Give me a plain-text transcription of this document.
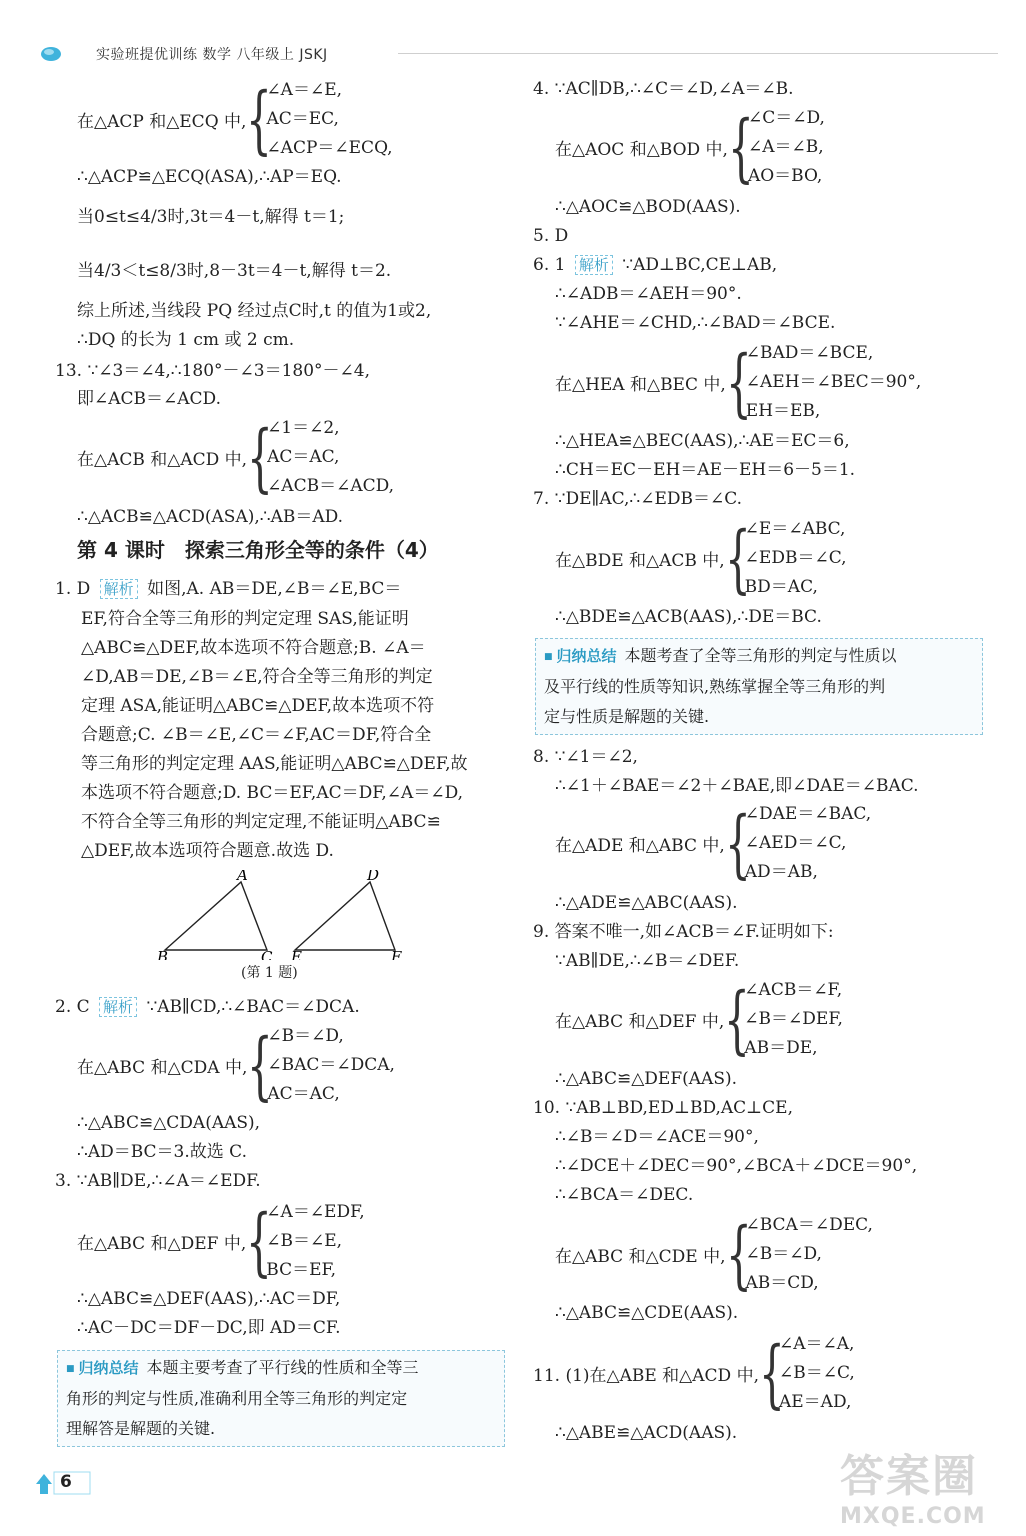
实验班提优训练 数学 八年级上 JSKJ
在△ACP 和△ECQ 中, {
∠A＝∠E,
AC＝EC,
∠ACP＝∠ECQ,
∴△ACP≌△ECQ(ASA),∴AP＝EQ.
当0≤t≤4/3时,3t＝4－t,解得 t＝1;
当4/3＜t≤8/3时,8－3t＝4－t,解得 t＝2.
综上所述,当线段 PQ 经过点C时,t 的值为1或2,
∴DQ 的长为 1 cm 或 2 cm.
13. ∵∠3＝∠4,∴180°－∠3＝180°－∠4,
即∠ACB＝∠ACD.
在△ACB 和△ACD 中, {
∠1＝∠2,
AC＝AC,
∠ACB＝∠ACD,
∴△ACB≌△ACD(ASA),∴AB＝AD.
第 4 课时　探索三角形全等的条件（4）
1. D 解析 如图,A. AB＝DE,∠B＝∠E,BC＝
EF,符合全等三角形的判定定理 SAS,能证明
△ABC≌△DEF,故本选项不符合题意;B. ∠A＝
∠D,AB＝DE,∠B＝∠E,符合全等三角形的判定
定理 ASA,能证明△ABC≌△DEF,故本选项不符
合题意;C. ∠B＝∠E,∠C＝∠F,AC＝DF,符合全
等三角形的判定定理 AAS,能证明△ABC≌△DEF,故
本选项不符合题意;D. BC＝EF,AC＝DF,∠A＝∠D,
不符合全等三角形的判定定理,不能证明△ABC≌
△DEF,故本选项符合题意.故选 D.
A
B	C
D
E	F
(第 1 题)
2. C 解析 ∵AB∥CD,∴∠BAC＝∠DCA.
在△ABC 和△CDA 中, {
∠B＝∠D,
∠BAC＝∠DCA,
AC＝AC,
∴△ABC≌△CDA(AAS),
∴AD＝BC＝3.故选 C.
3. ∵AB∥DE,∴∠A＝∠EDF.
在△ABC 和△DEF 中, {
∠A＝∠EDF,
∠B＝∠E,
BC＝EF,
∴△ABC≌△DEF(AAS),∴AC＝DF,
∴AC－DC＝DF－DC,即 AD＝CF.
■ 归纳总结 本题主要考查了平行线的性质和全等三
角形的判定与性质,准确利用全等三角形的判定定
理解答是解题的关键.
4. ∵AC∥DB,∴∠C＝∠D,∠A＝∠B.
在△AOC 和△BOD 中, {
∠C＝∠D,
∠A＝∠B,
AO＝BO,
∴△AOC≌△BOD(AAS).
5. D
6. 1 解析 ∵AD⊥BC,CE⊥AB,
∴∠ADB＝∠AEH＝90°.
∵∠AHE＝∠CHD,∴∠BAD＝∠BCE.
在△HEA 和△BEC 中, {
∠BAD＝∠BCE,
∠AEH＝∠BEC＝90°,
EH＝EB,
∴△HEA≌△BEC(AAS),∴AE＝EC＝6,
∴CH＝EC－EH＝AE－EH＝6－5＝1.
7. ∵DE∥AC,∴∠EDB＝∠C.
在△BDE 和△ACB 中, {
∠E＝∠ABC,
∠EDB＝∠C,
BD＝AC,
∴△BDE≌△ACB(AAS),∴DE＝BC.
■ 归纳总结 本题考查了全等三角形的判定与性质以
及平行线的性质等知识,熟练掌握全等三角形的判
定与性质是解题的关键.
8. ∵∠1＝∠2,
∴∠1＋∠BAE＝∠2＋∠BAE,即∠DAE＝∠BAC.
在△ADE 和△ABC 中, {
∠DAE＝∠BAC,
∠AED＝∠C,
AD＝AB,
∴△ADE≌△ABC(AAS).
9. 答案不唯一,如∠ACB＝∠F.证明如下:
∵AB∥DE,∴∠B＝∠DEF.
在△ABC 和△DEF 中, {
∠ACB＝∠F,
∠B＝∠DEF,
AB＝DE,
∴△ABC≌△DEF(AAS).
10. ∵AB⊥BD,ED⊥BD,AC⊥CE,
∴∠B＝∠D＝∠ACE＝90°,
∴∠DCE＋∠DEC＝90°,∠BCA＋∠DCE＝90°,
∴∠BCA＝∠DEC.
在△ABC 和△CDE 中, {
∠BCA＝∠DEC,
∠B＝∠D,
AB＝CD,
∴△ABC≌△CDE(AAS).
11. (1)在△ABE 和△ACD 中, {
∠A＝∠A,
∠B＝∠C,
AE＝AD,
∴△ABE≌△ACD(AAS).
6	答案圈
MXQE.COM
